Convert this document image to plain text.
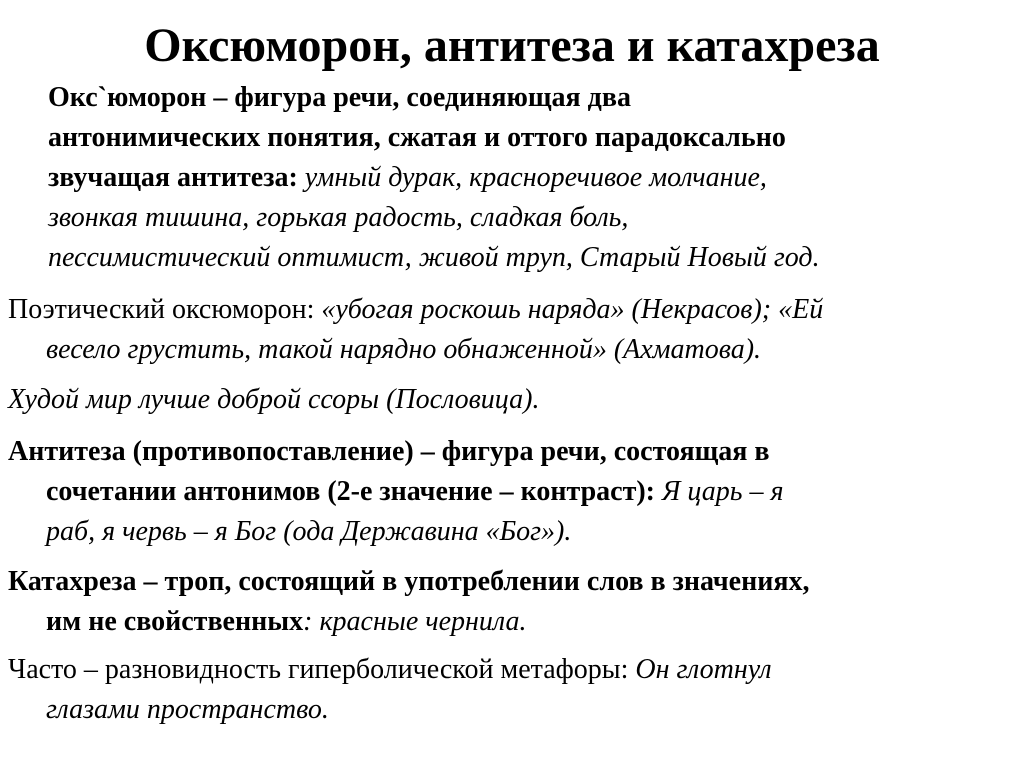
Оксюморон, антитеза и катахреза
Окс`юморон – фигура речи, соединяющая два
антонимических понятия, сжатая и оттого парадоксально
звучащая антитеза: умный дурак, красноречивое молчание,
звонкая тишина, горькая радость, сладкая боль,
пессимистический оптимист, живой труп, Старый Новый год.
Поэтический оксюморон: «убогая роскошь наряда» (Некрасов); «Ей
весело грустить, такой нарядно обнаженной» (Ахматова).
Худой мир лучше доброй ссоры (Пословица).
Антитеза (противопоставление) – фигура речи, состоящая в
сочетании антонимов (2-е значение – контраст): Я царь – я
раб, я червь – я Бог (ода Державина «Бог»).
Катахреза – троп, состоящий в употреблении слов в значениях,
им не свойственных: красные чернила.
Часто – разновидность гиперболической метафоры: Он глотнул
глазами пространство.
